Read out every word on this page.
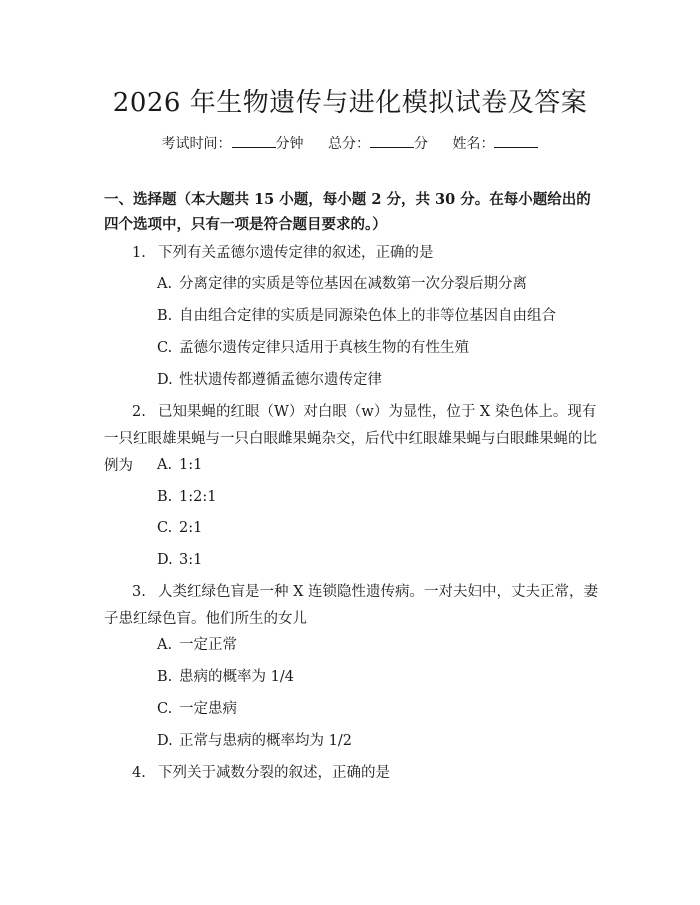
2026 年生物遗传与进化模拟试卷及答案
考试时间：	分钟 总分：	分 姓名：
一、选择题（本大题共 15 小题，每小题 2 分，共 30 分。在每小题给出的四个选项中，只有一项是符合题目要求的。）
1. 下列有关孟德尔遗传定律的叙述，正确的是
A. 分离定律的实质是等位基因在减数第一次分裂后期分离
B. 自由组合定律的实质是同源染色体上的非等位基因自由组合
C. 孟德尔遗传定律只适用于真核生物的有性生殖
D. 性状遗传都遵循孟德尔遗传定律
2. 已知果蝇的红眼（W）对白眼（w）为显性，位于 X 染色体上。现有一只红眼雄果蝇与一只白眼雌果蝇杂交，后代中红眼雄果蝇与白眼雌果蝇的比例为	A. 1:1
B. 1:2:1
C. 2:1
D. 3:1
3. 人类红绿色盲是一种 X 连锁隐性遗传病。一对夫妇中，丈夫正常，妻子患红绿色盲。他们所生的女儿
A. 一定正常
B. 患病的概率为 1/4
C. 一定患病
D. 正常与患病的概率均为 1/2
4. 下列关于减数分裂的叙述，正确的是
